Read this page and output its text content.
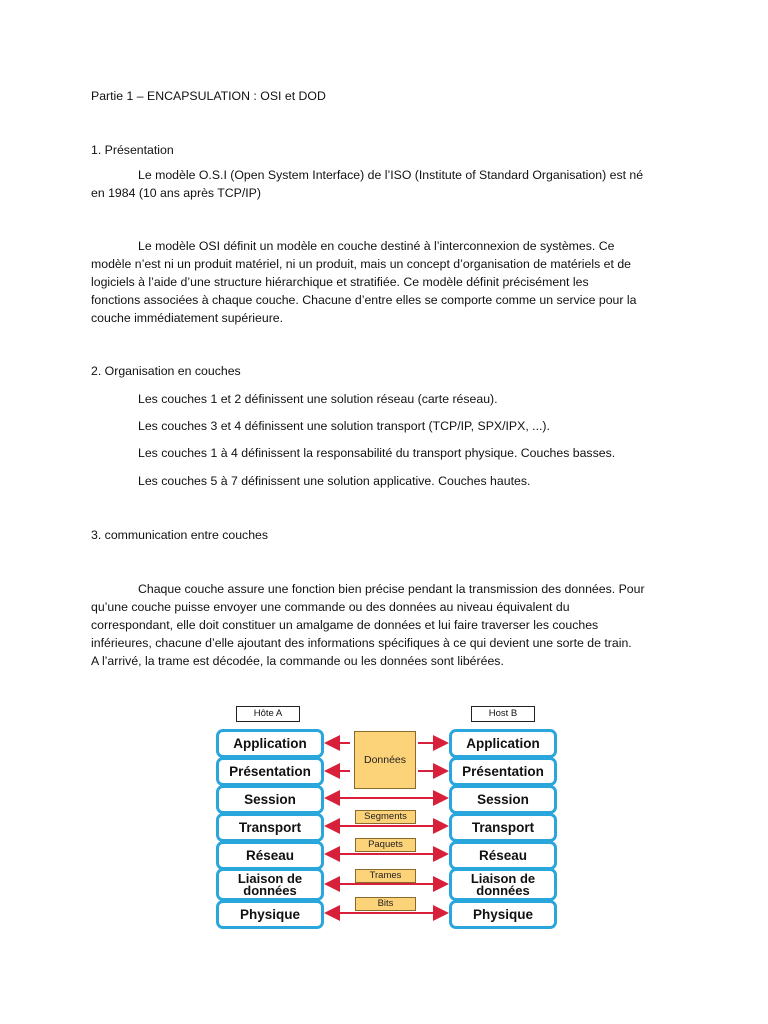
Partie 1 – ENCAPSULATION : OSI et DOD
1. Présentation
Le modèle O.S.I (Open System Interface) de l’ISO (Institute of Standard Organisation) est né
en 1984 (10 ans après TCP/IP)
Le modèle OSI définit un modèle en couche destiné à l’interconnexion de systèmes. Ce
modèle n’est ni un produit matériel, ni un produit, mais un concept d’organisation de matériels et de
logiciels à l’aide d’une structure hiérarchique et stratifiée. Ce modèle définit précisément les
fonctions associées à chaque couche. Chacune d’entre elles se comporte comme un service pour la
couche immédiatement supérieure.
2. Organisation en couches
Les couches 1 et 2 définissent une solution réseau (carte réseau).
Les couches 3 et 4 définissent une solution transport (TCP/IP, SPX/IPX, ...).
Les couches 1 à 4 définissent la responsabilité du transport physique. Couches basses.
Les couches 5 à 7 définissent une solution applicative. Couches hautes.
3. communication entre couches
Chaque couche assure une fonction bien précise pendant la transmission des données. Pour
qu’une couche puisse envoyer une commande ou des données au niveau équivalent du
correspondant, elle doit constituer un amalgame de données et lui faire traverser les couches
inférieures, chacune d’elle ajoutant des informations spécifiques à ce qui devient une sorte de train.
A l’arrivé, la trame est décodée, la commande ou les données sont libérées.
Hôte A	Host B
Application
Présentation
Session
Transport
Réseau
Liaison de
données
Physique
Application
Présentation
Session
Transport
Réseau
Liaison de
données
Physique
Données
Segments
Paquets
Trames
Bits
